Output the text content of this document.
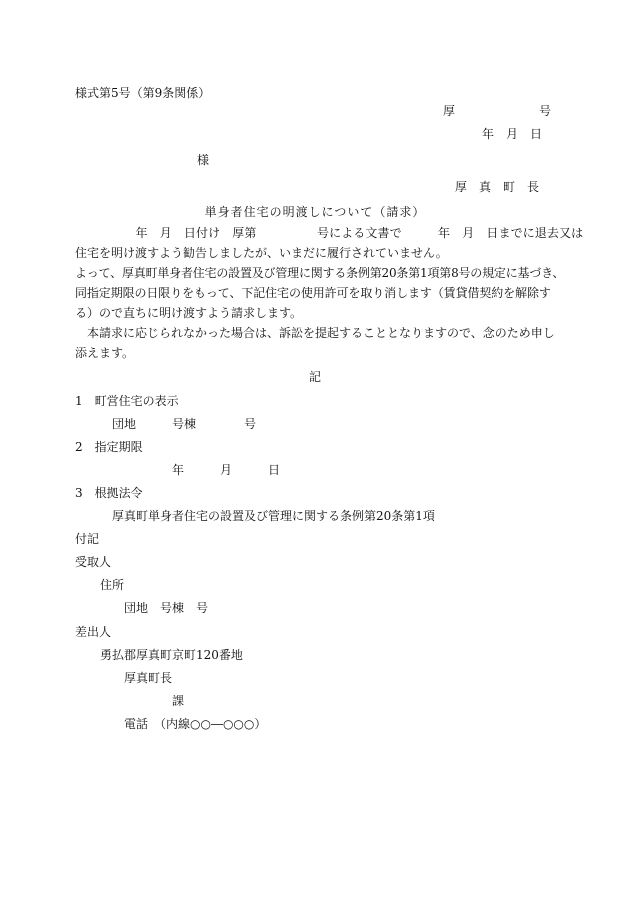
様式第5号（第9条関係）
厚　　　　　　　号
年　月　日
様
厚　真　町　長
単身者住宅の明渡しについて（請求）
　　　　　年　月　日付け　厚第　　　　　号による文書で　　　年　月　日までに退去又は
住宅を明け渡すよう勧告しましたが、いまだに履行されていません。
よって、厚真町単身者住宅の設置及び管理に関する条例第20条第1項第8号の規定に基づき、
同指定期限の日限りをもって、下記住宅の使用許可を取り消します（賃貸借契約を解除す
る）ので直ちに明け渡すよう請求します。
　本請求に応じられなかった場合は、訴訟を提起することとなりますので、念のため申し
添えます。
記
1　町営住宅の表示
団地　　　号棟　　　　号
2　指定期限
年　　　月　　　日
3　根拠法令
厚真町単身者住宅の設置及び管理に関する条例第20条第1項
付記
受取人
住所
団地　号棟　号
差出人
勇払郡厚真町京町120番地
厚真町長
課
電話　（内線○○―○○○）
